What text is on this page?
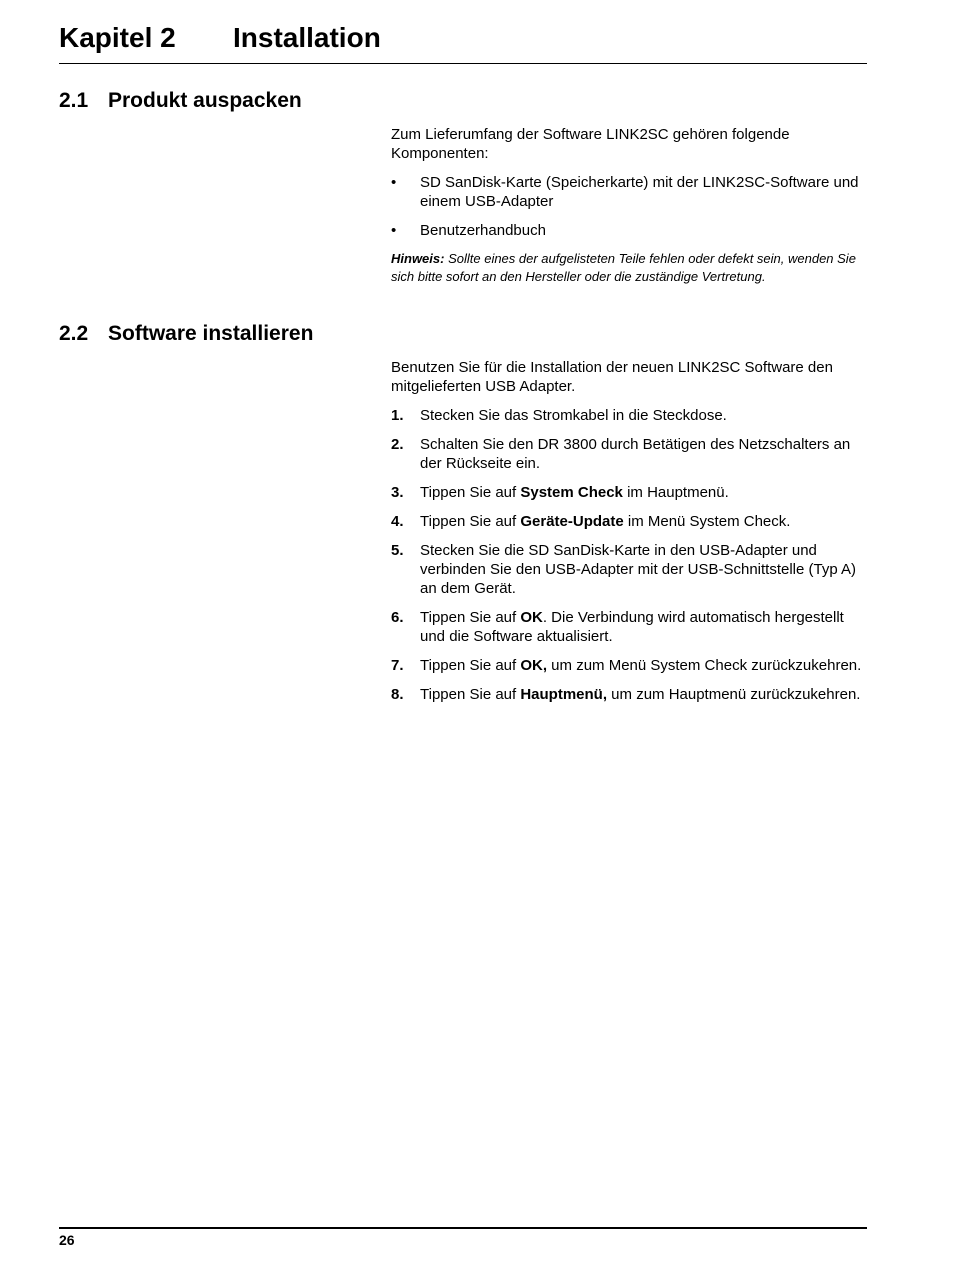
Kapitel 2 Installation
2.1 Produkt auspacken

Zum Lieferumfang der Software LINK2SC gehören folgende Komponenten:

• SD SanDisk-Karte (Speicherkarte) mit der LINK2SC-Software und einem USB-Adapter
• Benutzerhandbuch

Hinweis: Sollte eines der aufgelisteten Teile fehlen oder defekt sein, wenden Sie sich bitte sofort an den Hersteller oder die zuständige Vertretung.

2.2 Software installieren

Benutzen Sie für die Installation der neuen LINK2SC Software den mitgelieferten USB Adapter.

1. Stecken Sie das Stromkabel in die Steckdose.
2. Schalten Sie den DR 3800 durch Betätigen des Netzschalters an der Rückseite ein.
3. Tippen Sie auf System Check im Hauptmenü.
4. Tippen Sie auf Geräte-Update im Menü System Check.
5. Stecken Sie die SD SanDisk-Karte in den USB-Adapter und verbinden Sie den USB-Adapter mit der USB-Schnittstelle (Typ A) an dem Gerät.
6. Tippen Sie auf OK. Die Verbindung wird automatisch hergestellt und die Software aktualisiert.
7. Tippen Sie auf OK, um zum Menü System Check zurückzukehren.
8. Tippen Sie auf Hauptmenü, um zum Hauptmenü zurückzukehren.
26
